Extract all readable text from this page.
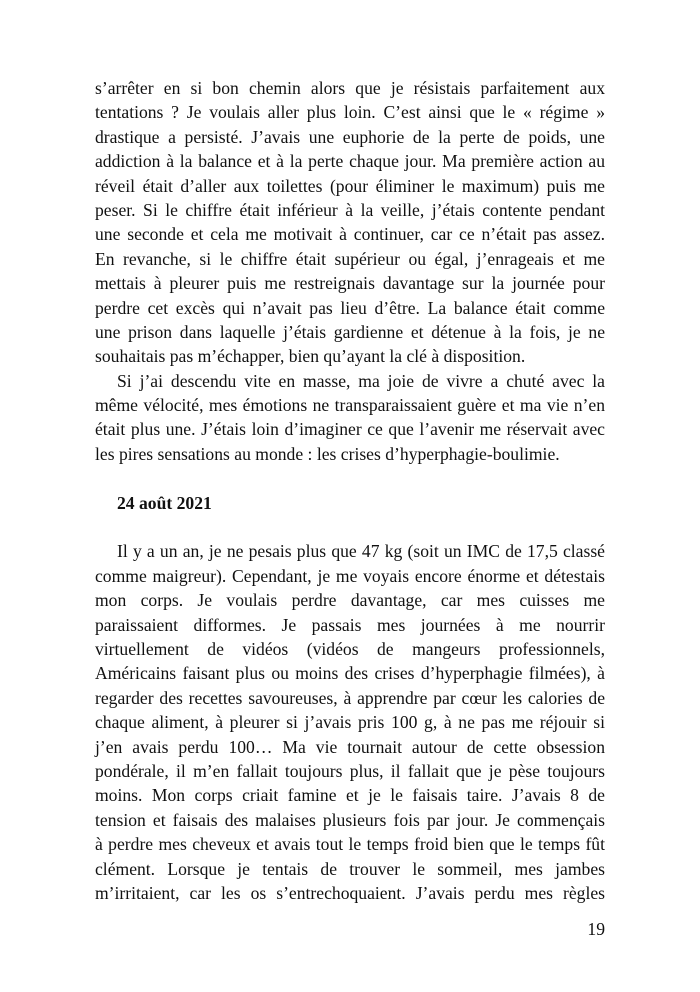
s’arrêter en si bon chemin alors que je résistais parfaitement aux
tentations ? Je voulais aller plus loin. C’est ainsi que le « régime »
drastique a persisté. J’avais une euphorie de la perte de poids, une
addiction à la balance et à la perte chaque jour. Ma première action au
réveil était d’aller aux toilettes (pour éliminer le maximum) puis me
peser. Si le chiffre était inférieur à la veille, j’étais contente pendant
une seconde et cela me motivait à continuer, car ce n’était pas assez.
En revanche, si le chiffre était supérieur ou égal, j’enrageais et me
mettais à pleurer puis me restreignais davantage sur la journée pour
perdre cet excès qui n’avait pas lieu d’être. La balance était comme
une prison dans laquelle j’étais gardienne et détenue à la fois, je ne
souhaitais pas m’échapper, bien qu’ayant la clé à disposition.
Si j’ai descendu vite en masse, ma joie de vivre a chuté avec la
même vélocité, mes émotions ne transparaissaient guère et ma vie n’en
était plus une. J’étais loin d’imaginer ce que l’avenir me réservait avec
les pires sensations au monde : les crises d’hyperphagie-boulimie.
24 août 2021
Il y a un an, je ne pesais plus que 47 kg (soit un IMC de 17,5 classé
comme maigreur). Cependant, je me voyais encore énorme et détestais
mon corps. Je voulais perdre davantage, car mes cuisses me
paraissaient difformes. Je passais mes journées à me nourrir
virtuellement de vidéos (vidéos de mangeurs professionnels,
Américains faisant plus ou moins des crises d’hyperphagie filmées), à
regarder des recettes savoureuses, à apprendre par cœur les calories de
chaque aliment, à pleurer si j’avais pris 100 g, à ne pas me réjouir si
j’en avais perdu 100… Ma vie tournait autour de cette obsession
pondérale, il m’en fallait toujours plus, il fallait que je pèse toujours
moins. Mon corps criait famine et je le faisais taire. J’avais 8 de
tension et faisais des malaises plusieurs fois par jour. Je commençais
à perdre mes cheveux et avais tout le temps froid bien que le temps fût
clément. Lorsque je tentais de trouver le sommeil, mes jambes
m’irritaient, car les os s’entrechoquaient. J’avais perdu mes règles
19
